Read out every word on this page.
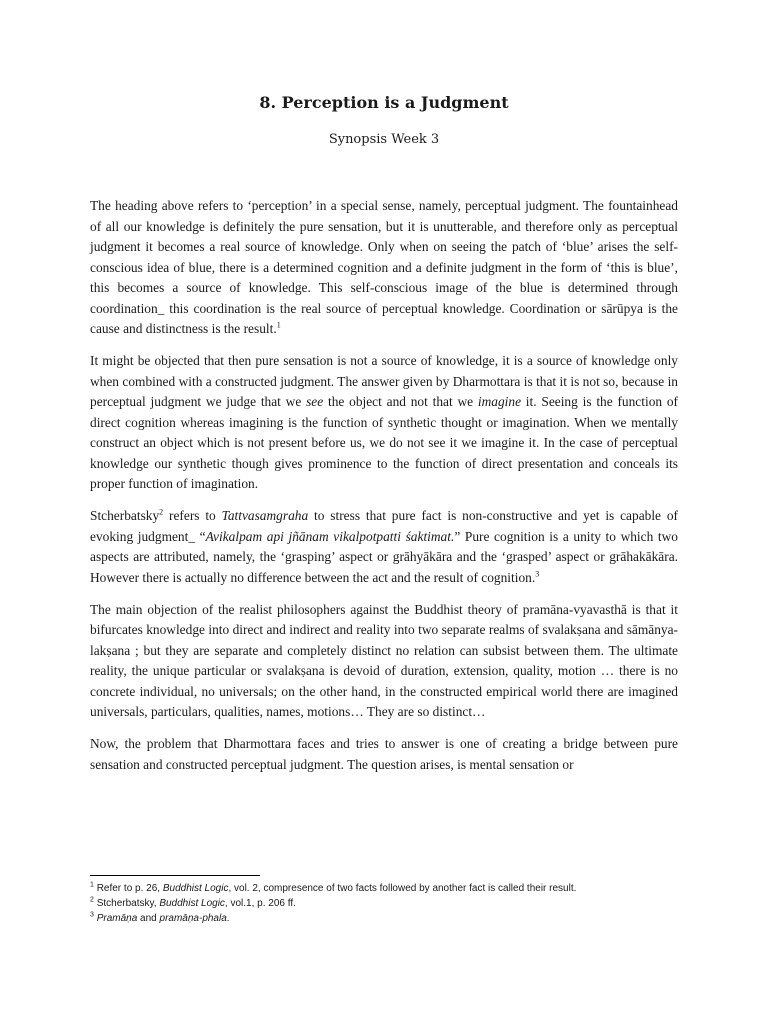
8. Perception is a Judgment
Synopsis Week 3

The heading above refers to ‘perception’ in a special sense, namely, perceptual judgment. The fountainhead of all our knowledge is definitely the pure sensation, but it is unutterable, and therefore only as perceptual judgment it becomes a real source of knowledge. Only when on seeing the patch of ‘blue’ arises the self-conscious idea of blue, there is a determined cognition and a definite judgment in the form of ‘this is blue’, this becomes a source of knowledge. This self-conscious image of the blue is determined through coordination_ this coordination is the real source of perceptual knowledge. Coordination or sārūpya is the cause and distinctness is the result.$^1$

It might be objected that then pure sensation is not a source of knowledge, it is a source of knowledge only when combined with a constructed judgment. The answer given by Dharmottara is that it is not so, because in perceptual judgment we judge that we see the object and not that we imagine it. Seeing is the function of direct cognition whereas imagining is the function of synthetic thought or imagination. When we mentally construct an object which is not present before us, we do not see it we imagine it. In the case of perceptual knowledge our synthetic though gives prominence to the function of direct presentation and conceals its proper function of imagination.

Stcherbatsky$^2$ refers to Tattvasamgraha to stress that pure fact is non-constructive and yet is capable of evoking judgment_ “Avikalpam api jñānam vikalpotpatti śaktimat.” Pure cognition is a unity to which two aspects are attributed, namely, the ‘grasping’ aspect or grāhyākāra and the ‘grasped’ aspect or grāhakākāra. However there is actually no difference between the act and the result of cognition.$^3$

The main objection of the realist philosophers against the Buddhist theory of pramāna-vyavasthā is that it bifurcates knowledge into direct and indirect and reality into two separate realms of svalakṣana and sāmānya-lakṣana ; but they are separate and completely distinct no relation can subsist between them. The ultimate reality, the unique particular or svalakṣana is devoid of duration, extension, quality, motion … there is no concrete individual, no universals; on the other hand, in the constructed empirical world there are imagined universals, particulars, qualities, names, motions… They are so distinct…

Now, the problem that Dharmottara faces and tries to answer is one of creating a bridge between pure sensation and constructed perceptual judgment. The question arises, is mental sensation or

$^1$ Refer to p. 26, Buddhist Logic, vol. 2, compresence of two facts followed by another fact is called their result.
$^2$ Stcherbatsky, Buddhist Logic, vol.1, p. 206 ff.
$^3$ Pramāṇa and pramāṇa-phala.
